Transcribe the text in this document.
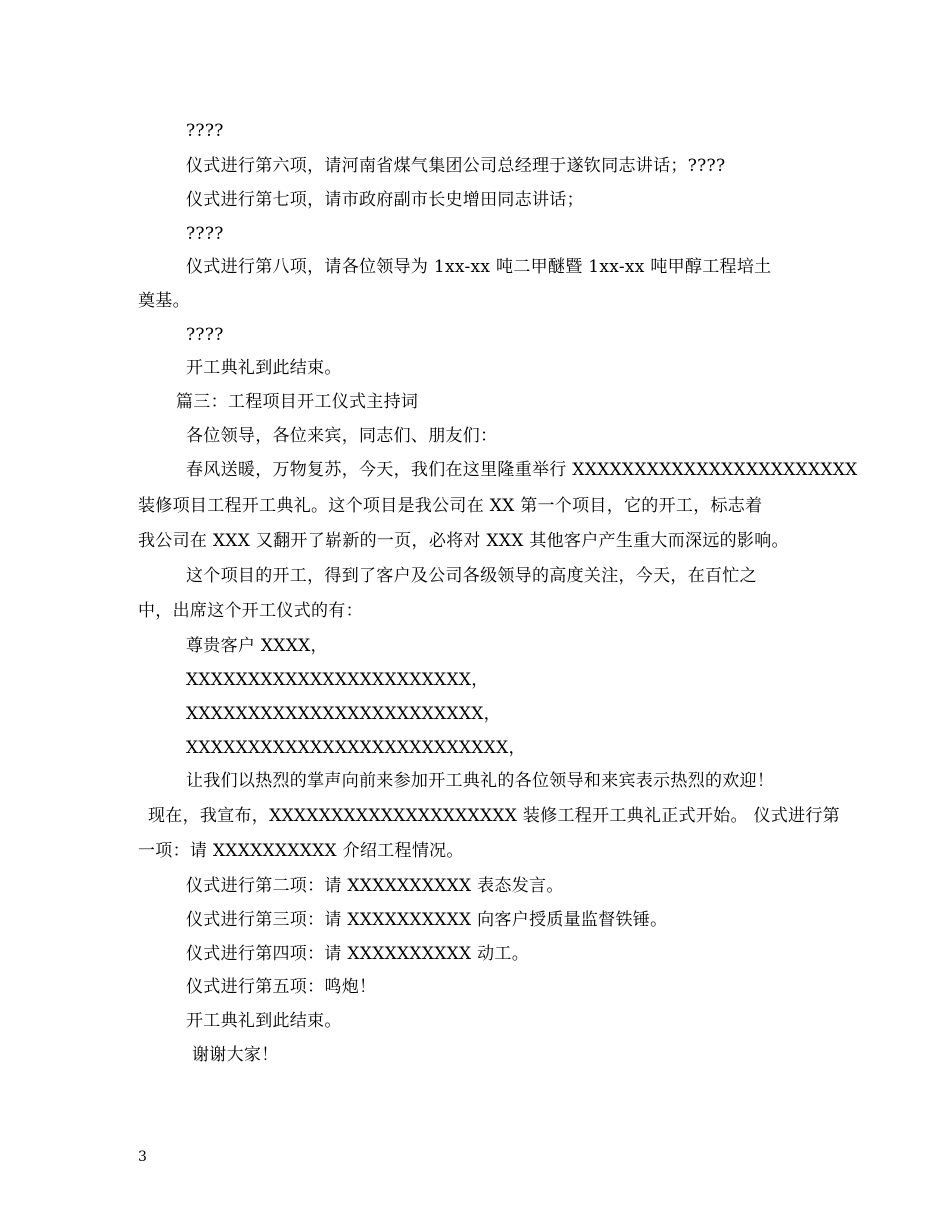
????
仪式进行第六项，请河南省煤气集团公司总经理于遂钦同志讲话；????
仪式进行第七项，请市政府副市长史增田同志讲话；
????
仪式进行第八项，请各位领导为 1xx-xx 吨二甲醚暨 1xx-xx 吨甲醇工程培土
奠基。
????
开工典礼到此结束。
篇三：工程项目开工仪式主持词
各位领导，各位来宾，同志们、朋友们：
春风送暖，万物复苏，今天，我们在这里隆重举行 XXXXXXXXXXXXXXXXXXXXXXX
装修项目工程开工典礼。这个项目是我公司在 XX 第一个项目，它的开工，标志着
我公司在 XXX 又翻开了崭新的一页，必将对 XXX 其他客户产生重大而深远的影响。
这个项目的开工，得到了客户及公司各级领导的高度关注，今天，在百忙之
中，出席这个开工仪式的有：
尊贵客户 XXXX，
XXXXXXXXXXXXXXXXXXXXXXX，
XXXXXXXXXXXXXXXXXXXXXXXX，
XXXXXXXXXXXXXXXXXXXXXXXXXX，
让我们以热烈的掌声向前来参加开工典礼的各位领导和来宾表示热烈的欢迎！
现在，我宣布，XXXXXXXXXXXXXXXXXXXX 装修工程开工典礼正式开始。 仪式进行第
一项：请 XXXXXXXXXX 介绍工程情况。
仪式进行第二项：请 XXXXXXXXXX 表态发言。
仪式进行第三项：请 XXXXXXXXXX 向客户授质量监督铁锤。
仪式进行第四项：请 XXXXXXXXXX 动工。
仪式进行第五项：鸣炮！
开工典礼到此结束。
谢谢大家！
3
